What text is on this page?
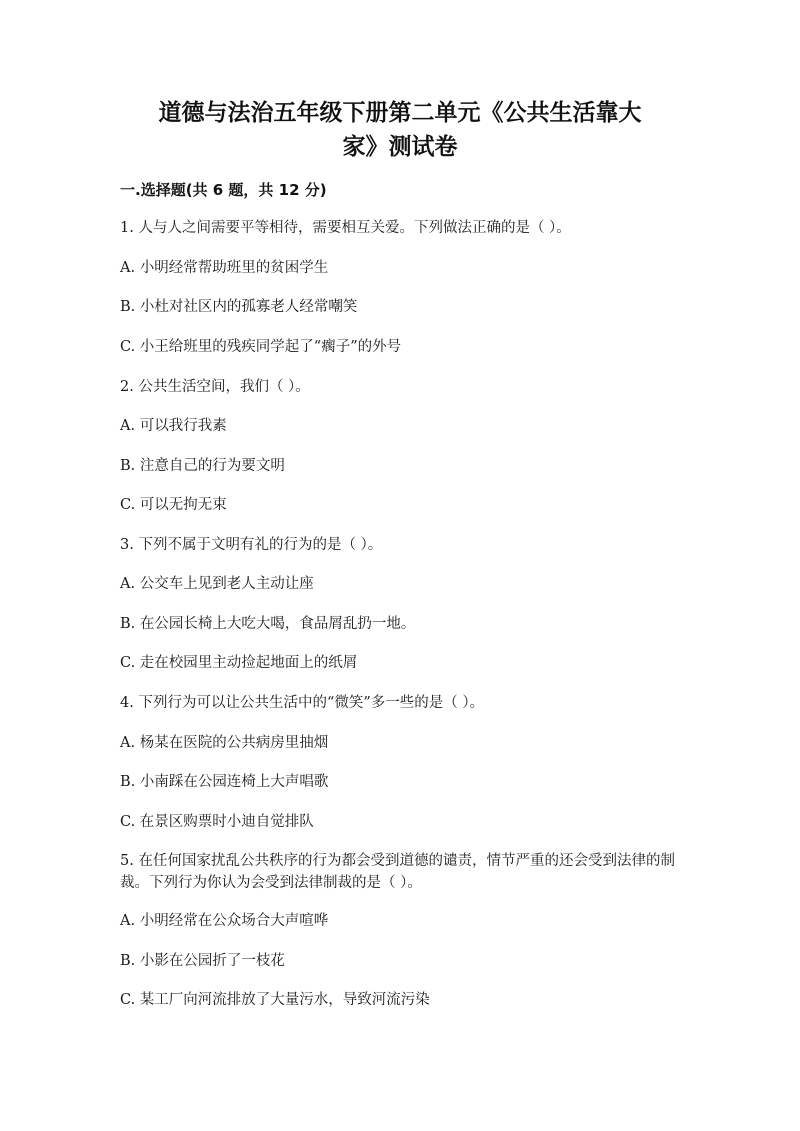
道德与法治五年级下册第二单元《公共生活靠大
家》测试卷
一.选择题(共 6 题，共 12 分)
1. 人与人之间需要平等相待，需要相互关爱。下列做法正确的是（ ）。
A. 小明经常帮助班里的贫困学生
B. 小杜对社区内的孤寡老人经常嘲笑
C. 小王给班里的残疾同学起了“瘸子”的外号
2. 公共生活空间，我们（ ）。
A. 可以我行我素
B. 注意自己的行为要文明
C. 可以无拘无束
3. 下列不属于文明有礼的行为的是（ ）。
A. 公交车上见到老人主动让座
B. 在公园长椅上大吃大喝，食品屑乱扔一地。
C. 走在校园里主动捡起地面上的纸屑
4. 下列行为可以让公共生活中的“微笑”多一些的是（ ）。
A. 杨某在医院的公共病房里抽烟
B. 小南踩在公园连椅上大声唱歌
C. 在景区购票时小迪自觉排队
5. 在任何国家扰乱公共秩序的行为都会受到道德的谴责，情节严重的还会受到法律的制裁。下列行为你认为会受到法律制裁的是（ ）。
A. 小明经常在公众场合大声喧哗
B. 小影在公园折了一枝花
C. 某工厂向河流排放了大量污水，导致河流污染
